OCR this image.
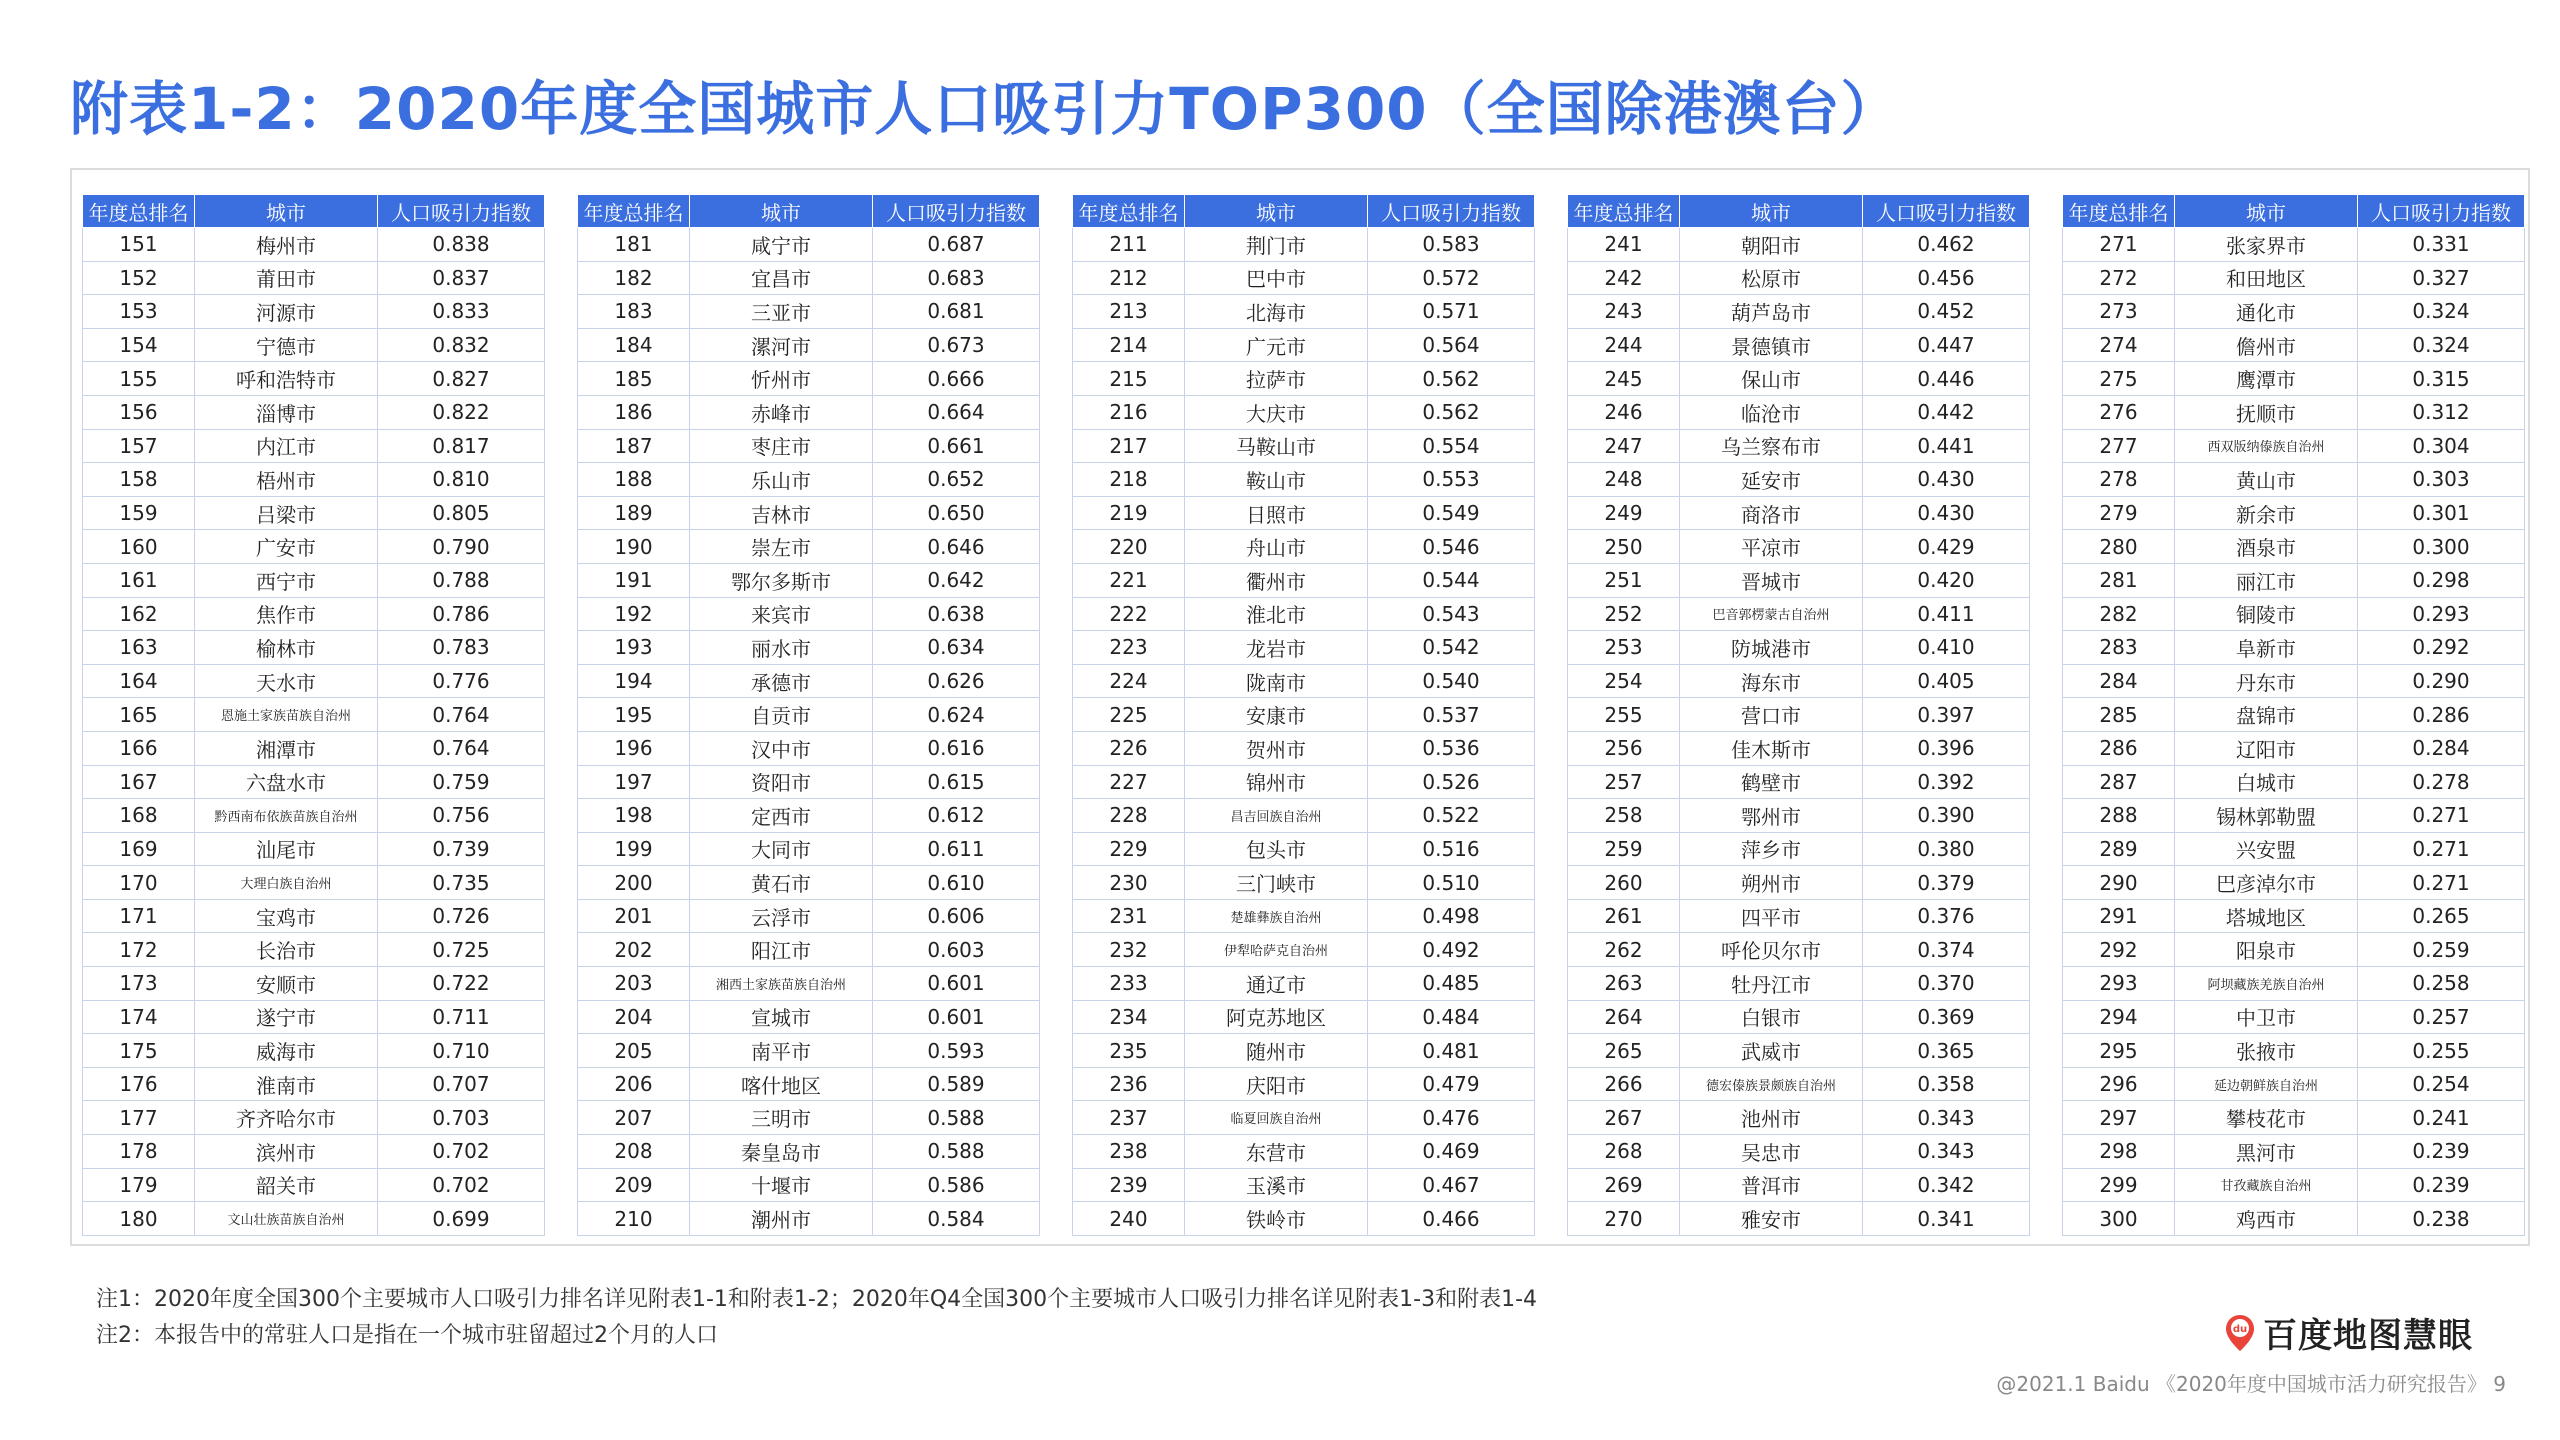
附表1-2：2020年度全国城市人口吸引力TOP300（全国除港澳台）
年度总排名	城市	人口吸引力指数
151	梅州市	0.838
152	莆田市	0.837
153	河源市	0.833
154	宁德市	0.832
155	呼和浩特市	0.827
156	淄博市	0.822
157	内江市	0.817
158	梧州市	0.810
159	吕梁市	0.805
160	广安市	0.790
161	西宁市	0.788
162	焦作市	0.786
163	榆林市	0.783
164	天水市	0.776
165	恩施土家族苗族自治州	0.764
166	湘潭市	0.764
167	六盘水市	0.759
168	黔西南布依族苗族自治州	0.756
169	汕尾市	0.739
170	大理白族自治州	0.735
171	宝鸡市	0.726
172	长治市	0.725
173	安顺市	0.722
174	遂宁市	0.711
175	威海市	0.710
176	淮南市	0.707
177	齐齐哈尔市	0.703
178	滨州市	0.702
179	韶关市	0.702
180	文山壮族苗族自治州	0.699
年度总排名	城市	人口吸引力指数
181	咸宁市	0.687
182	宜昌市	0.683
183	三亚市	0.681
184	漯河市	0.673
185	忻州市	0.666
186	赤峰市	0.664
187	枣庄市	0.661
188	乐山市	0.652
189	吉林市	0.650
190	崇左市	0.646
191	鄂尔多斯市	0.642
192	来宾市	0.638
193	丽水市	0.634
194	承德市	0.626
195	自贡市	0.624
196	汉中市	0.616
197	资阳市	0.615
198	定西市	0.612
199	大同市	0.611
200	黄石市	0.610
201	云浮市	0.606
202	阳江市	0.603
203	湘西土家族苗族自治州	0.601
204	宣城市	0.601
205	南平市	0.593
206	喀什地区	0.589
207	三明市	0.588
208	秦皇岛市	0.588
209	十堰市	0.586
210	潮州市	0.584
年度总排名	城市	人口吸引力指数
211	荆门市	0.583
212	巴中市	0.572
213	北海市	0.571
214	广元市	0.564
215	拉萨市	0.562
216	大庆市	0.562
217	马鞍山市	0.554
218	鞍山市	0.553
219	日照市	0.549
220	舟山市	0.546
221	衢州市	0.544
222	淮北市	0.543
223	龙岩市	0.542
224	陇南市	0.540
225	安康市	0.537
226	贺州市	0.536
227	锦州市	0.526
228	昌吉回族自治州	0.522
229	包头市	0.516
230	三门峡市	0.510
231	楚雄彝族自治州	0.498
232	伊犁哈萨克自治州	0.492
233	通辽市	0.485
234	阿克苏地区	0.484
235	随州市	0.481
236	庆阳市	0.479
237	临夏回族自治州	0.476
238	东营市	0.469
239	玉溪市	0.467
240	铁岭市	0.466
年度总排名	城市	人口吸引力指数
241	朝阳市	0.462
242	松原市	0.456
243	葫芦岛市	0.452
244	景德镇市	0.447
245	保山市	0.446
246	临沧市	0.442
247	乌兰察布市	0.441
248	延安市	0.430
249	商洛市	0.430
250	平凉市	0.429
251	晋城市	0.420
252	巴音郭楞蒙古自治州	0.411
253	防城港市	0.410
254	海东市	0.405
255	营口市	0.397
256	佳木斯市	0.396
257	鹤壁市	0.392
258	鄂州市	0.390
259	萍乡市	0.380
260	朔州市	0.379
261	四平市	0.376
262	呼伦贝尔市	0.374
263	牡丹江市	0.370
264	白银市	0.369
265	武威市	0.365
266	德宏傣族景颇族自治州	0.358
267	池州市	0.343
268	吴忠市	0.343
269	普洱市	0.342
270	雅安市	0.341
年度总排名	城市	人口吸引力指数
271	张家界市	0.331
272	和田地区	0.327
273	通化市	0.324
274	儋州市	0.324
275	鹰潭市	0.315
276	抚顺市	0.312
277	西双版纳傣族自治州	0.304
278	黄山市	0.303
279	新余市	0.301
280	酒泉市	0.300
281	丽江市	0.298
282	铜陵市	0.293
283	阜新市	0.292
284	丹东市	0.290
285	盘锦市	0.286
286	辽阳市	0.284
287	白城市	0.278
288	锡林郭勒盟	0.271
289	兴安盟	0.271
290	巴彦淖尔市	0.271
291	塔城地区	0.265
292	阳泉市	0.259
293	阿坝藏族羌族自治州	0.258
294	中卫市	0.257
295	张掖市	0.255
296	延边朝鲜族自治州	0.254
297	攀枝花市	0.241
298	黑河市	0.239
299	甘孜藏族自治州	0.239
300	鸡西市	0.238
注1：2020年度全国300个主要城市人口吸引力排名详见附表1-1和附表1-2；2020年Q4全国300个主要城市人口吸引力排名详见附表1-3和附表1-4
注2：本报告中的常驻人口是指在一个城市驻留超过2个月的人口	du 百度地图慧眼
@2021.1 Baidu 《2020年度中国城市活力研究报告》 9
